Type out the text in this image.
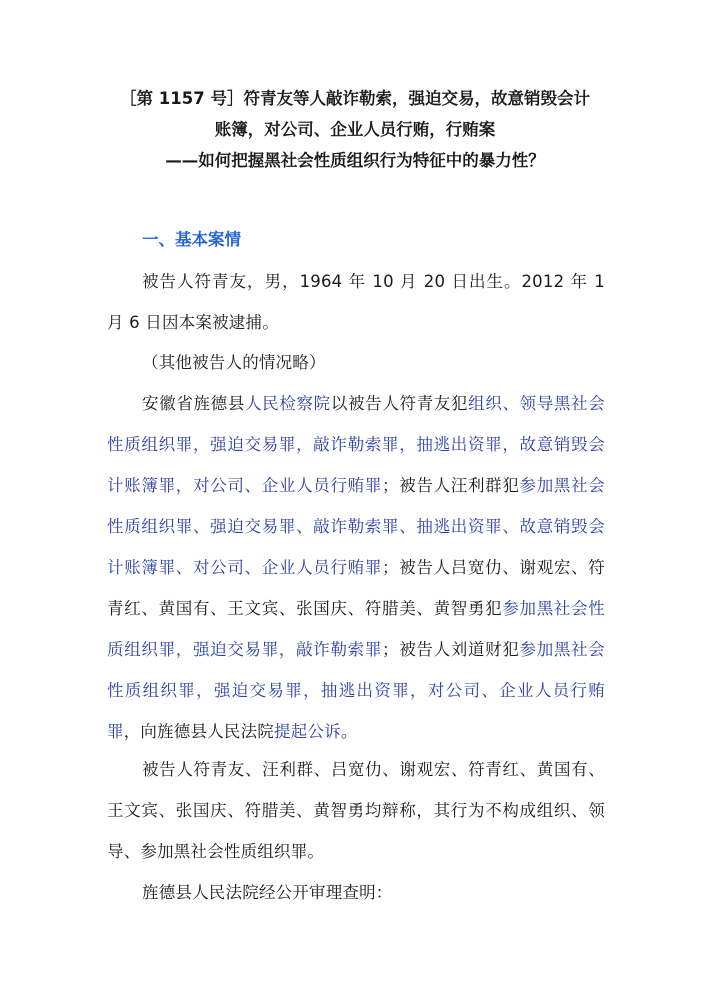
［第 1157 号］符青友等人敲诈勒索，强迫交易，故意销毁会计

账簿，对公司、企业人员行贿，行贿案

——如何把握黑社会性质组织行为特征中的暴力性？

一、基本案情

被告人符青友，男，1964 年 10 月 20 日出生。2012 年 1 月 6 日因本案被逮捕。

（其他被告人的情况略）

安徽省旌德县人民检察院以被告人符青友犯组织、领导黑社会性质组织罪，强迫交易罪，敲诈勒索罪，抽逃出资罪，故意销毁会计账簿罪，对公司、企业人员行贿罪；被告人汪利群犯参加黑社会性质组织罪、强迫交易罪、敲诈勒索罪、抽逃出资罪、故意销毁会计账簿罪、对公司、企业人员行贿罪；被告人吕宽仂、谢观宏、符青红、黄国有、王文宾、张国庆、符腊美、黄智勇犯参加黑社会性质组织罪，强迫交易罪，敲诈勒索罪；被告人刘道财犯参加黑社会性质组织罪，强迫交易罪，抽逃出资罪，对公司、企业人员行贿罪，向旌德县人民法院提起公诉。

被告人符青友、汪利群、吕宽仂、谢观宏、符青红、黄国有、王文宾、张国庆、符腊美、黄智勇均辩称，其行为不构成组织、领导、参加黑社会性质组织罪。

旌德县人民法院经公开审理查明：
